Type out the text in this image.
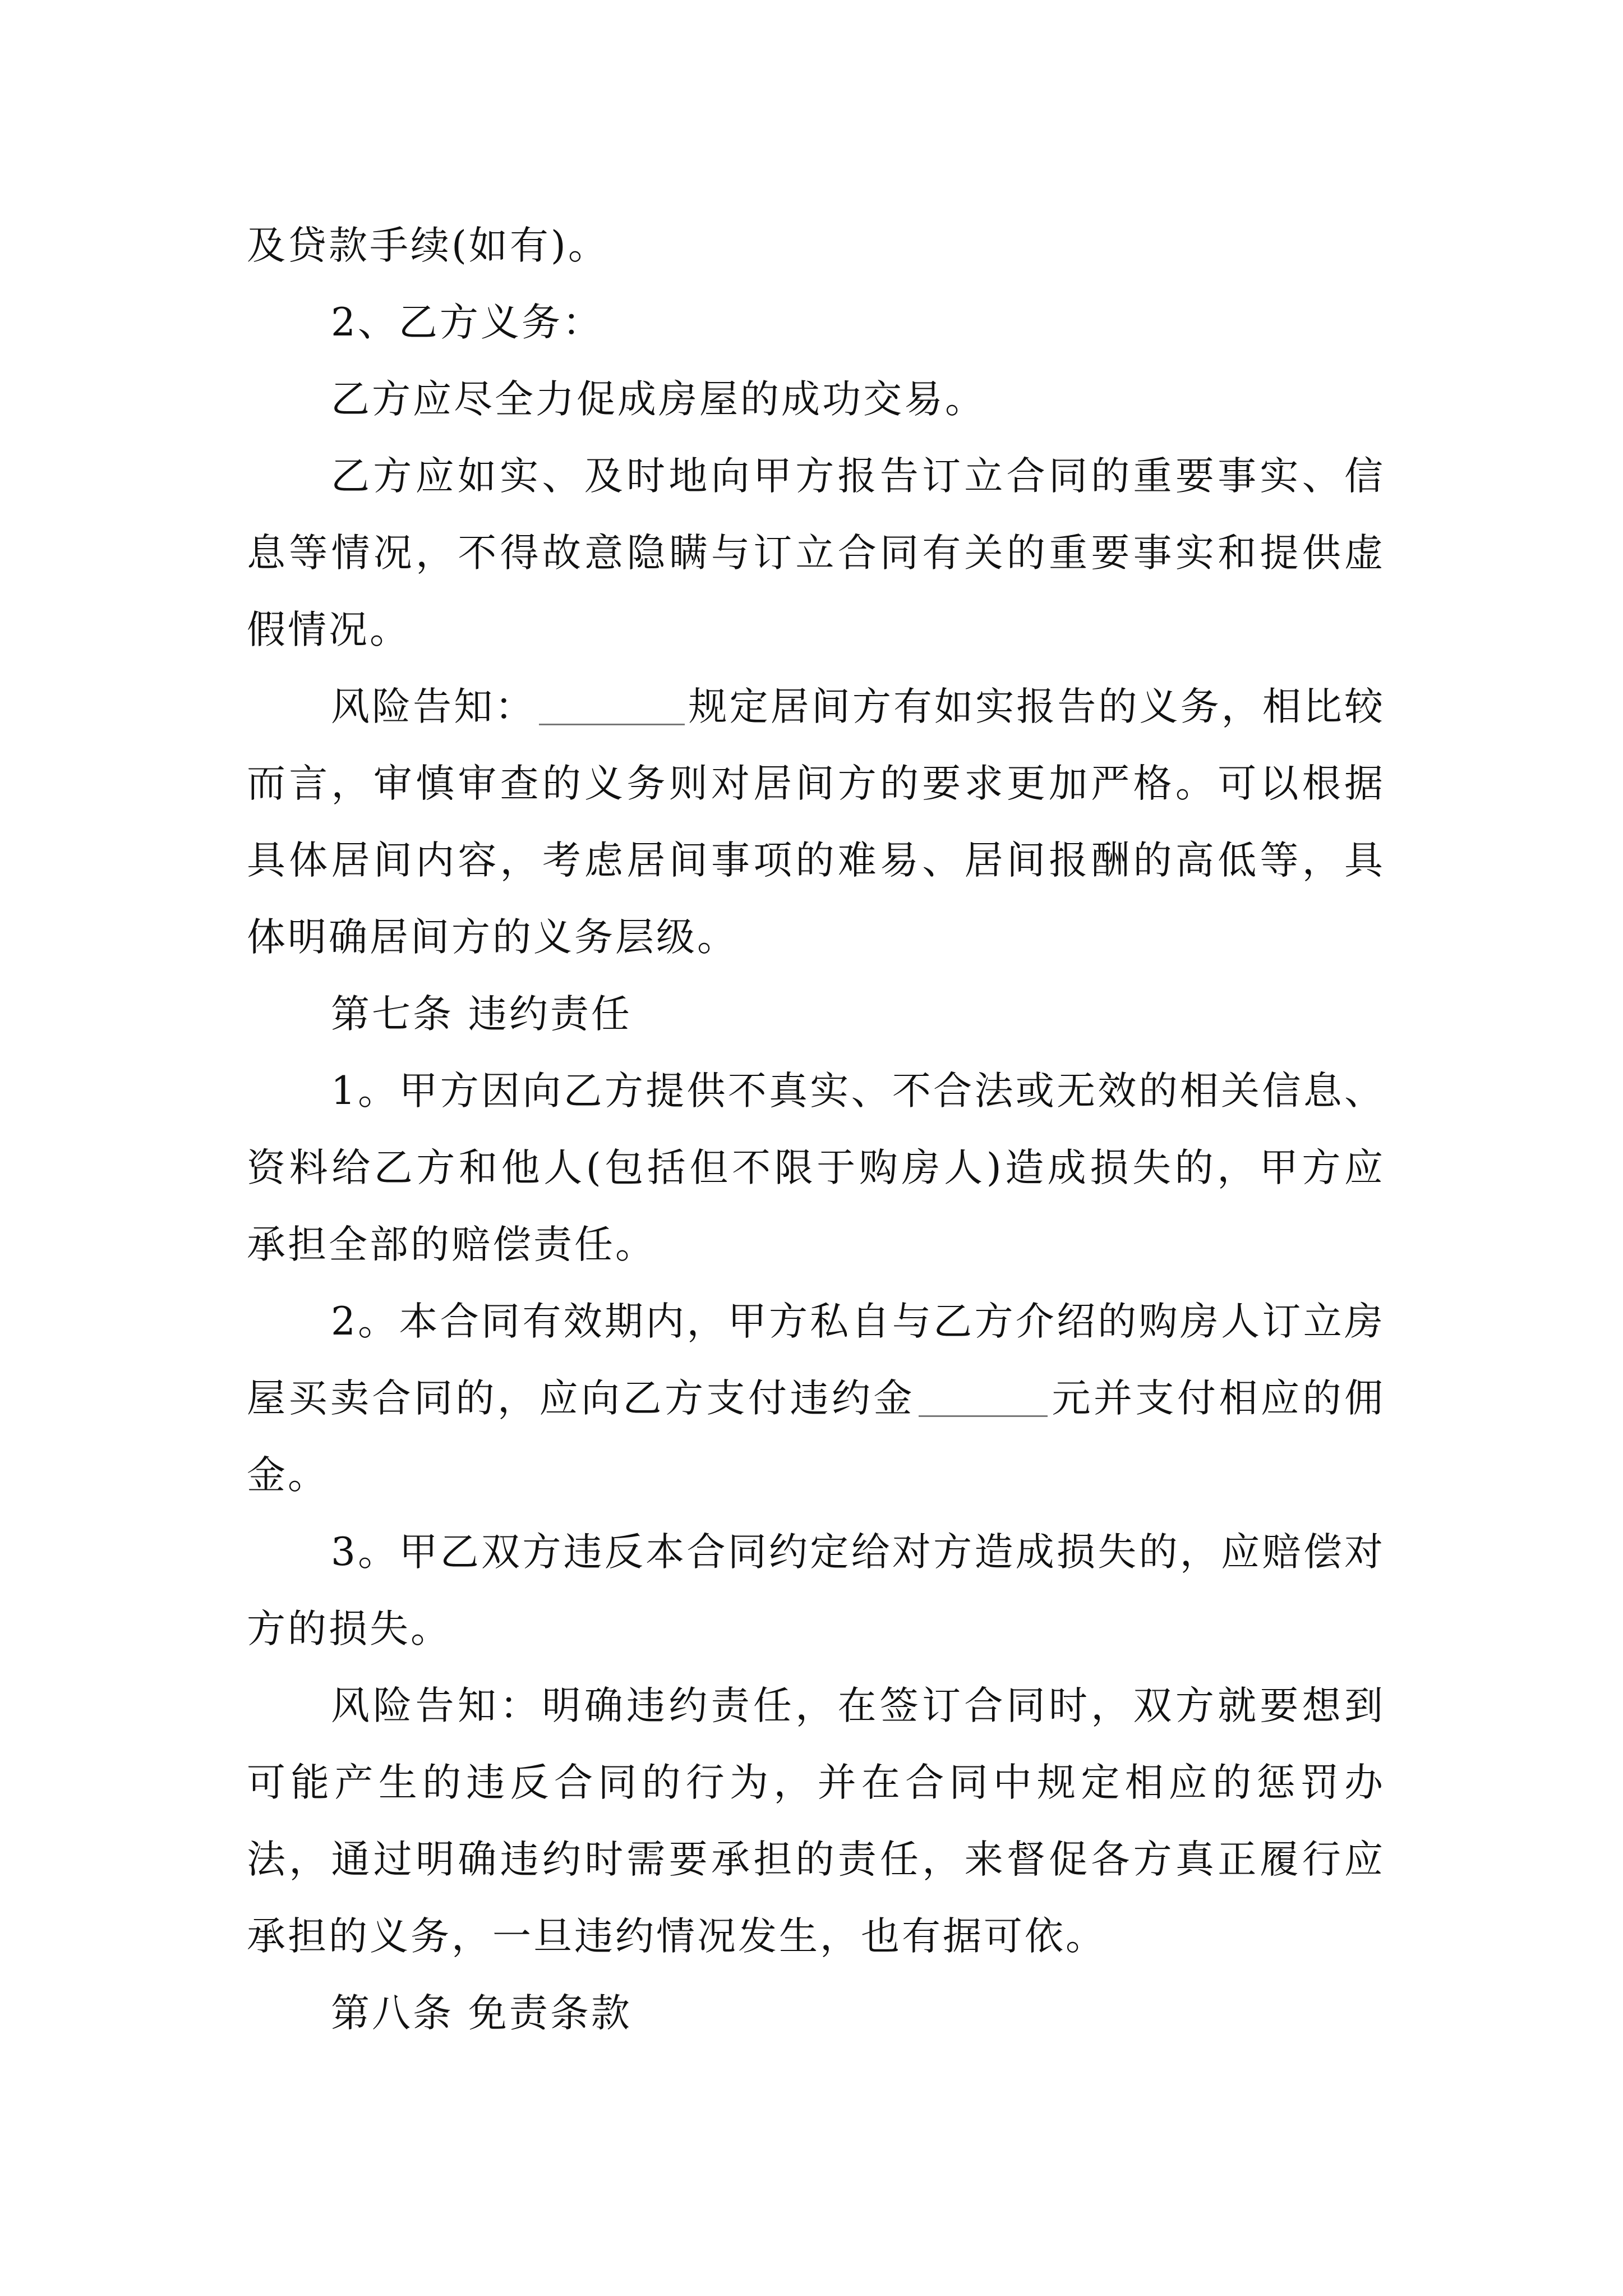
及贷款手续(如有)。

2、乙方义务：

乙方应尽全力促成房屋的成功交易。

乙方应如实、及时地向甲方报告订立合同的重要事实、信息等情况，不得故意隐瞒与订立合同有关的重要事实和提供虚假情况。

风险告知：	规定居间方有如实报告的义务，相比较而言，审慎审查的义务则对居间方的要求更加严格。可以根据具体居间内容，考虑居间事项的难易、居间报酬的高低等，具体明确居间方的义务层级。

第七条 违约责任

1。甲方因向乙方提供不真实、不合法或无效的相关信息、资料给乙方和他人(包括但不限于购房人)造成损失的，甲方应承担全部的赔偿责任。

2。本合同有效期内，甲方私自与乙方介绍的购房人订立房屋买卖合同的，应向乙方支付违约金	元并支付相应的佣金。

3。甲乙双方违反本合同约定给对方造成损失的，应赔偿对方的损失。

风险告知：明确违约责任，在签订合同时，双方就要想到可能产生的违反合同的行为，并在合同中规定相应的惩罚办法，通过明确违约时需要承担的责任，来督促各方真正履行应承担的义务，一旦违约情况发生，也有据可依。

第八条 免责条款
